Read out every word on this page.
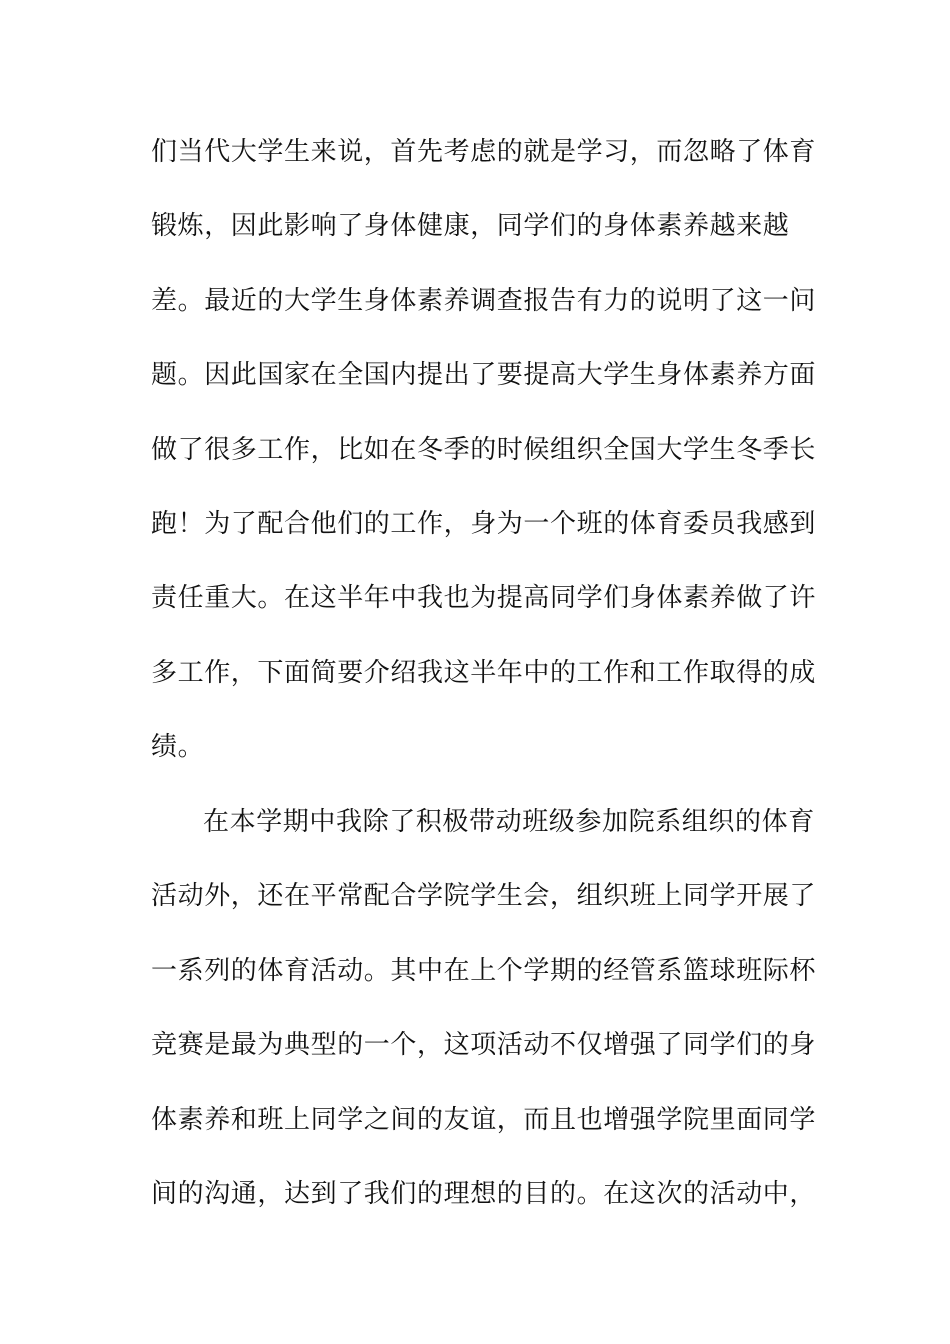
们当代大学生来说，首先考虑的就是学习，而忽略了体育
锻炼，因此影响了身体健康，同学们的身体素养越来越
差。最近的大学生身体素养调查报告有力的说明了这一问
题。因此国家在全国内提出了要提高大学生身体素养方面
做了很多工作，比如在冬季的时候组织全国大学生冬季长
跑！为了配合他们的工作，身为一个班的体育委员我感到
责任重大。在这半年中我也为提高同学们身体素养做了许
多工作，下面简要介绍我这半年中的工作和工作取得的成
绩。
在本学期中我除了积极带动班级参加院系组织的体育
活动外，还在平常配合学院学生会，组织班上同学开展了
一系列的体育活动。其中在上个学期的经管系篮球班际杯
竞赛是最为典型的一个，这项活动不仅增强了同学们的身
体素养和班上同学之间的友谊，而且也增强学院里面同学
间的沟通，达到了我们的理想的目的。在这次的活动中，
